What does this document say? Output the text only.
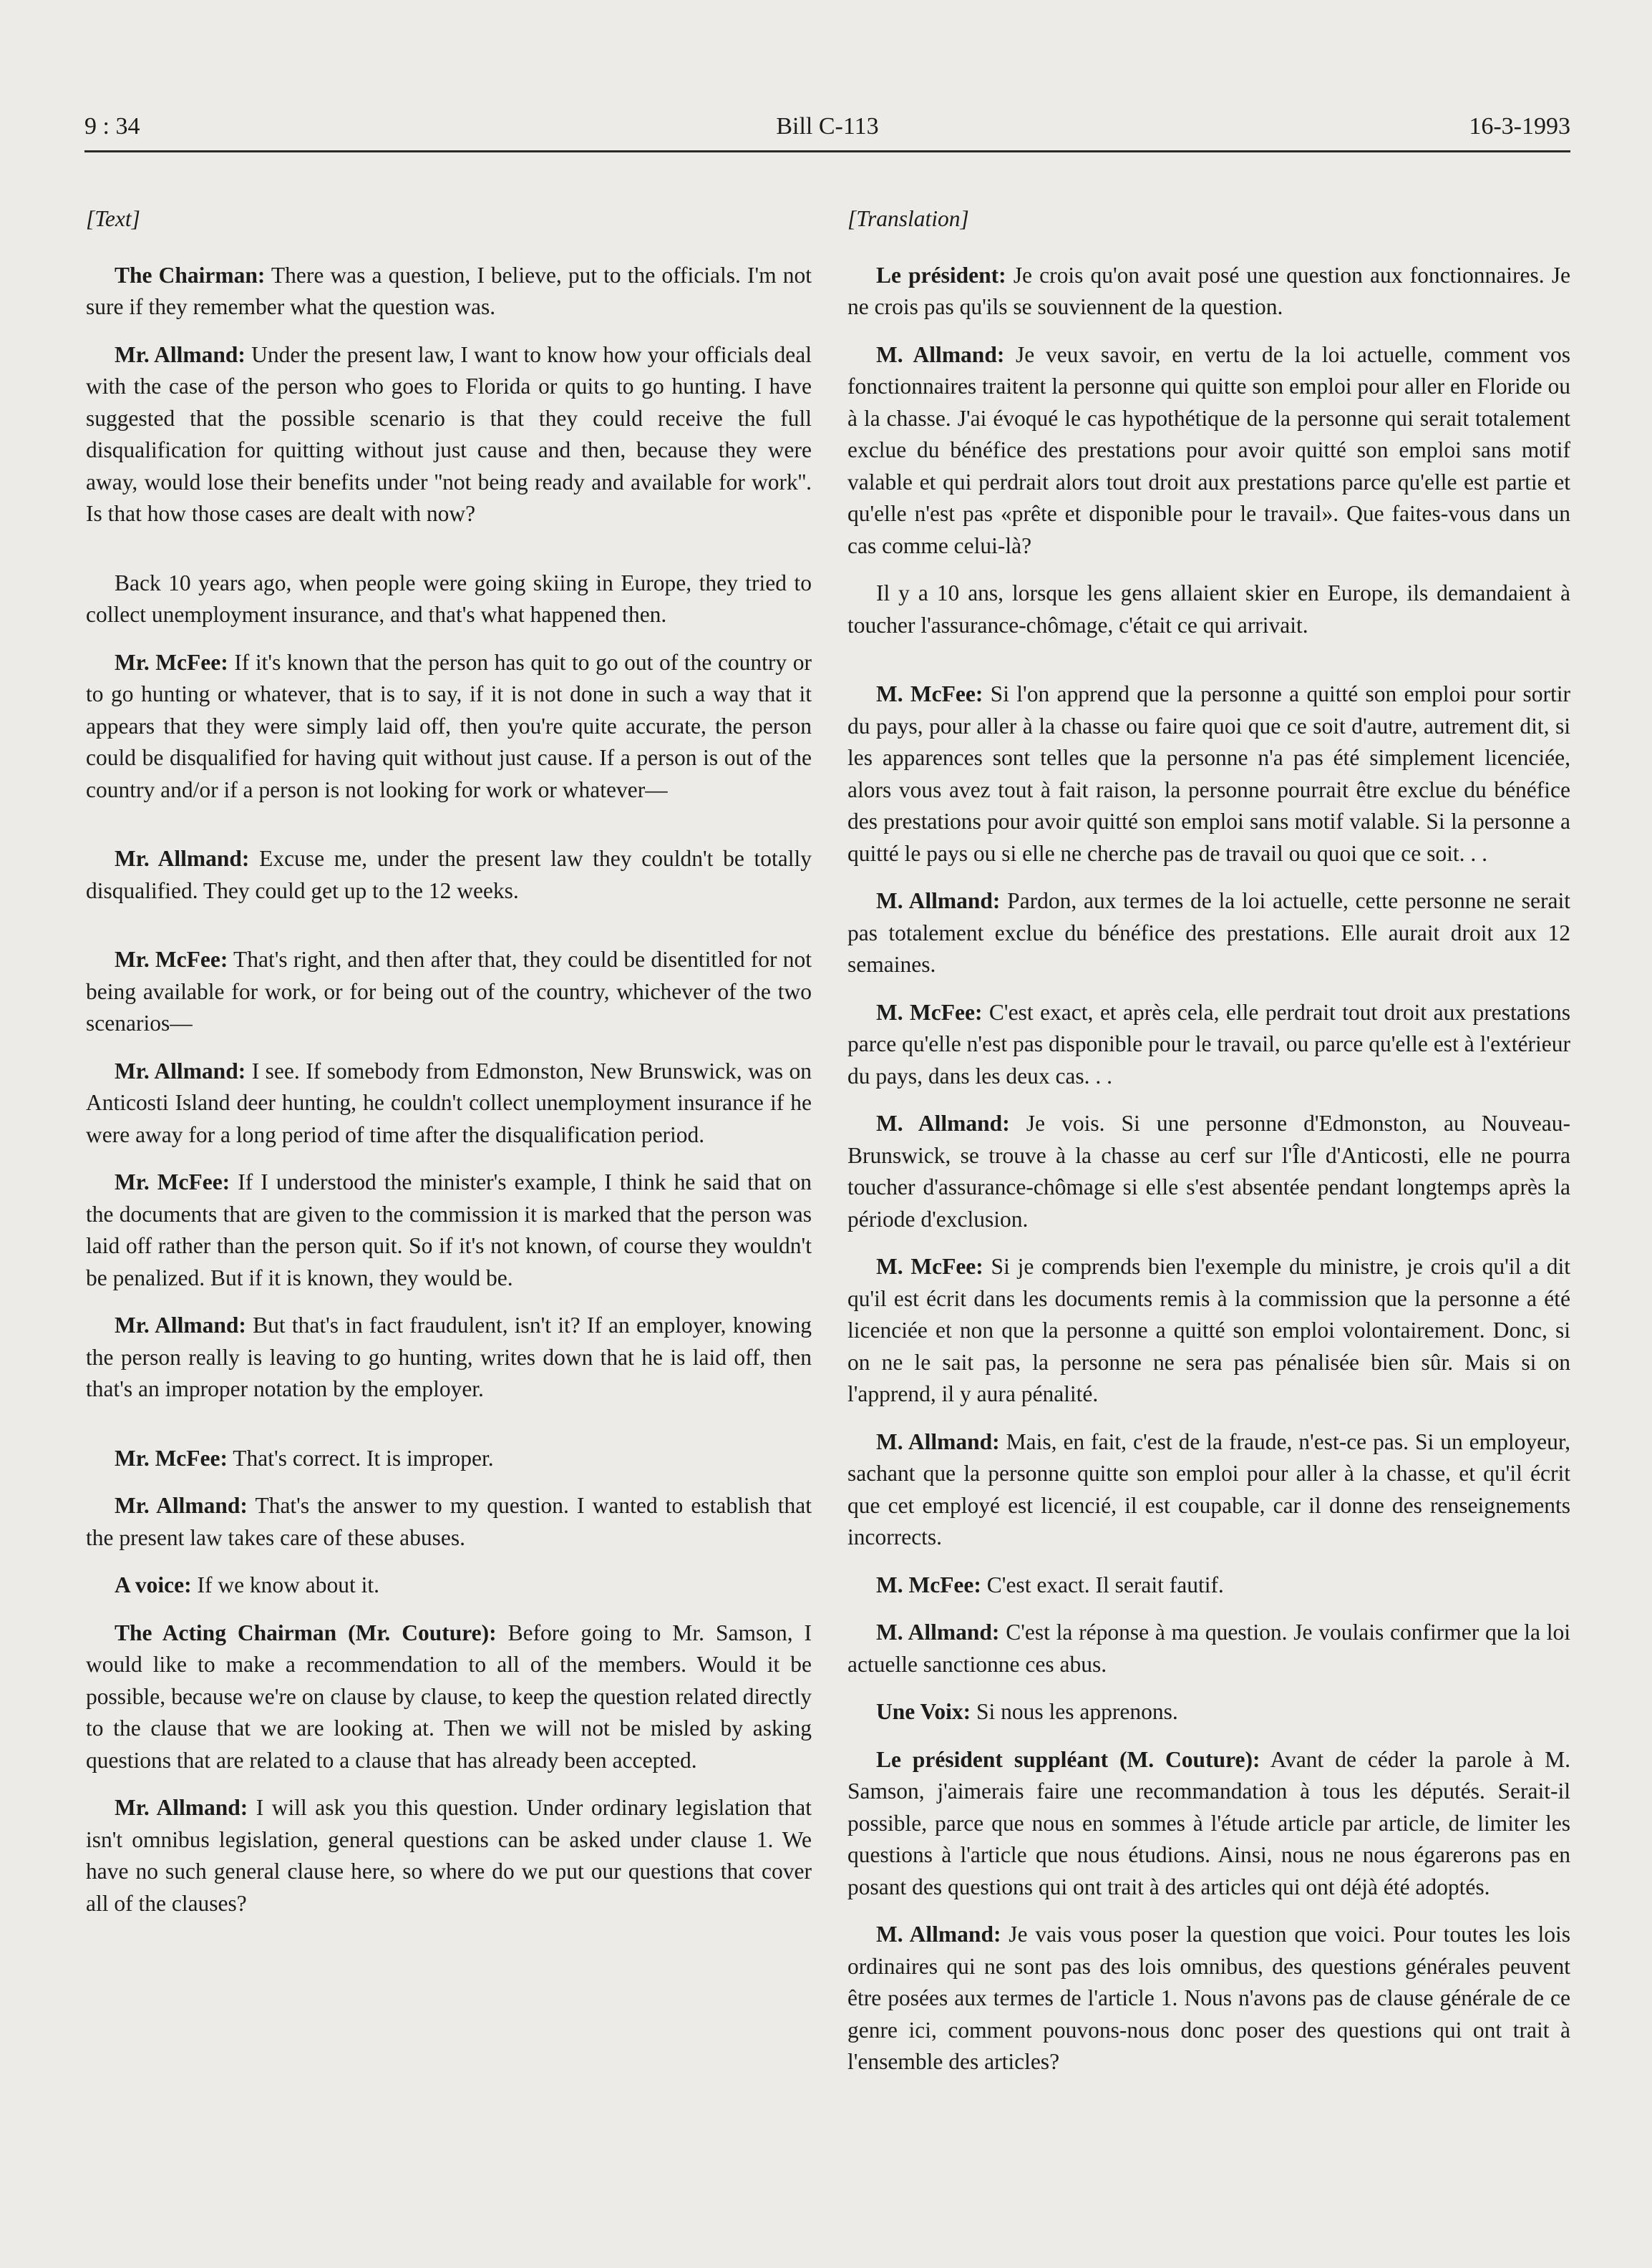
9 : 34	Bill C-113	16-3-1993
[Text]

The Chairman: There was a question, I believe, put to the officials. I'm not sure if they remember what the question was.

Mr. Allmand: Under the present law, I want to know how your officials deal with the case of the person who goes to Florida or quits to go hunting. I have suggested that the possible scenario is that they could receive the full disqualification for quitting without just cause and then, because they were away, would lose their benefits under ''not being ready and available for work''. Is that how those cases are dealt with now?

Back 10 years ago, when people were going skiing in Europe, they tried to collect unemployment insurance, and that's what happened then.

Mr. McFee: If it's known that the person has quit to go out of the country or to go hunting or whatever, that is to say, if it is not done in such a way that it appears that they were simply laid off, then you're quite accurate, the person could be disqualified for having quit without just cause. If a person is out of the country and/or if a person is not looking for work or whatever—

Mr. Allmand: Excuse me, under the present law they couldn't be totally disqualified. They could get up to the 12 weeks.

Mr. McFee: That's right, and then after that, they could be disentitled for not being available for work, or for being out of the country, whichever of the two scenarios—

Mr. Allmand: I see. If somebody from Edmonston, New Brunswick, was on Anticosti Island deer hunting, he couldn't collect unemployment insurance if he were away for a long period of time after the disqualification period.

Mr. McFee: If I understood the minister's example, I think he said that on the documents that are given to the commission it is marked that the person was laid off rather than the person quit. So if it's not known, of course they wouldn't be penalized. But if it is known, they would be.

Mr. Allmand: But that's in fact fraudulent, isn't it? If an employer, knowing the person really is leaving to go hunting, writes down that he is laid off, then that's an improper notation by the employer.

Mr. McFee: That's correct. It is improper.

Mr. Allmand: That's the answer to my question. I wanted to establish that the present law takes care of these abuses.

A voice: If we know about it.

The Acting Chairman (Mr. Couture): Before going to Mr. Samson, I would like to make a recommendation to all of the members. Would it be possible, because we're on clause by clause, to keep the question related directly to the clause that we are looking at. Then we will not be misled by asking questions that are related to a clause that has already been accepted.

Mr. Allmand: I will ask you this question. Under ordinary legislation that isn't omnibus legislation, general questions can be asked under clause 1. We have no such general clause here, so where do we put our questions that cover all of the clauses?

[Translation]

Le président: Je crois qu'on avait posé une question aux fonctionnaires. Je ne crois pas qu'ils se souviennent de la question.

M. Allmand: Je veux savoir, en vertu de la loi actuelle, comment vos fonctionnaires traitent la personne qui quitte son emploi pour aller en Floride ou à la chasse. J'ai évoqué le cas hypothétique de la personne qui serait totalement exclue du bénéfice des prestations pour avoir quitté son emploi sans motif valable et qui perdrait alors tout droit aux prestations parce qu'elle est partie et qu'elle n'est pas «prête et disponible pour le travail». Que faites-vous dans un cas comme celui-là?

Il y a 10 ans, lorsque les gens allaient skier en Europe, ils demandaient à toucher l'assurance-chômage, c'était ce qui arrivait.

M. McFee: Si l'on apprend que la personne a quitté son emploi pour sortir du pays, pour aller à la chasse ou faire quoi que ce soit d'autre, autrement dit, si les apparences sont telles que la personne n'a pas été simplement licenciée, alors vous avez tout à fait raison, la personne pourrait être exclue du bénéfice des prestations pour avoir quitté son emploi sans motif valable. Si la personne a quitté le pays ou si elle ne cherche pas de travail ou quoi que ce soit. . .

M. Allmand: Pardon, aux termes de la loi actuelle, cette personne ne serait pas totalement exclue du bénéfice des prestations. Elle aurait droit aux 12 semaines.

M. McFee: C'est exact, et après cela, elle perdrait tout droit aux prestations parce qu'elle n'est pas disponible pour le travail, ou parce qu'elle est à l'extérieur du pays, dans les deux cas. . .

M. Allmand: Je vois. Si une personne d'Edmonston, au Nouveau-Brunswick, se trouve à la chasse au cerf sur l'Île d'Anticosti, elle ne pourra toucher d'assurance-chômage si elle s'est absentée pendant longtemps après la période d'exclusion.

M. McFee: Si je comprends bien l'exemple du ministre, je crois qu'il a dit qu'il est écrit dans les documents remis à la commission que la personne a été licenciée et non que la personne a quitté son emploi volontairement. Donc, si on ne le sait pas, la personne ne sera pas pénalisée bien sûr. Mais si on l'apprend, il y aura pénalité.

M. Allmand: Mais, en fait, c'est de la fraude, n'est-ce pas. Si un employeur, sachant que la personne quitte son emploi pour aller à la chasse, et qu'il écrit que cet employé est licencié, il est coupable, car il donne des renseignements incorrects.

M. McFee: C'est exact. Il serait fautif.

M. Allmand: C'est la réponse à ma question. Je voulais confirmer que la loi actuelle sanctionne ces abus.

Une Voix: Si nous les apprenons.

Le président suppléant (M. Couture): Avant de céder la parole à M. Samson, j'aimerais faire une recommandation à tous les députés. Serait-il possible, parce que nous en sommes à l'étude article par article, de limiter les questions à l'article que nous étudions. Ainsi, nous ne nous égarerons pas en posant des questions qui ont trait à des articles qui ont déjà été adoptés.

M. Allmand: Je vais vous poser la question que voici. Pour toutes les lois ordinaires qui ne sont pas des lois omnibus, des questions générales peuvent être posées aux termes de l'article 1. Nous n'avons pas de clause générale de ce genre ici, comment pouvons-nous donc poser des questions qui ont trait à l'ensemble des articles?
